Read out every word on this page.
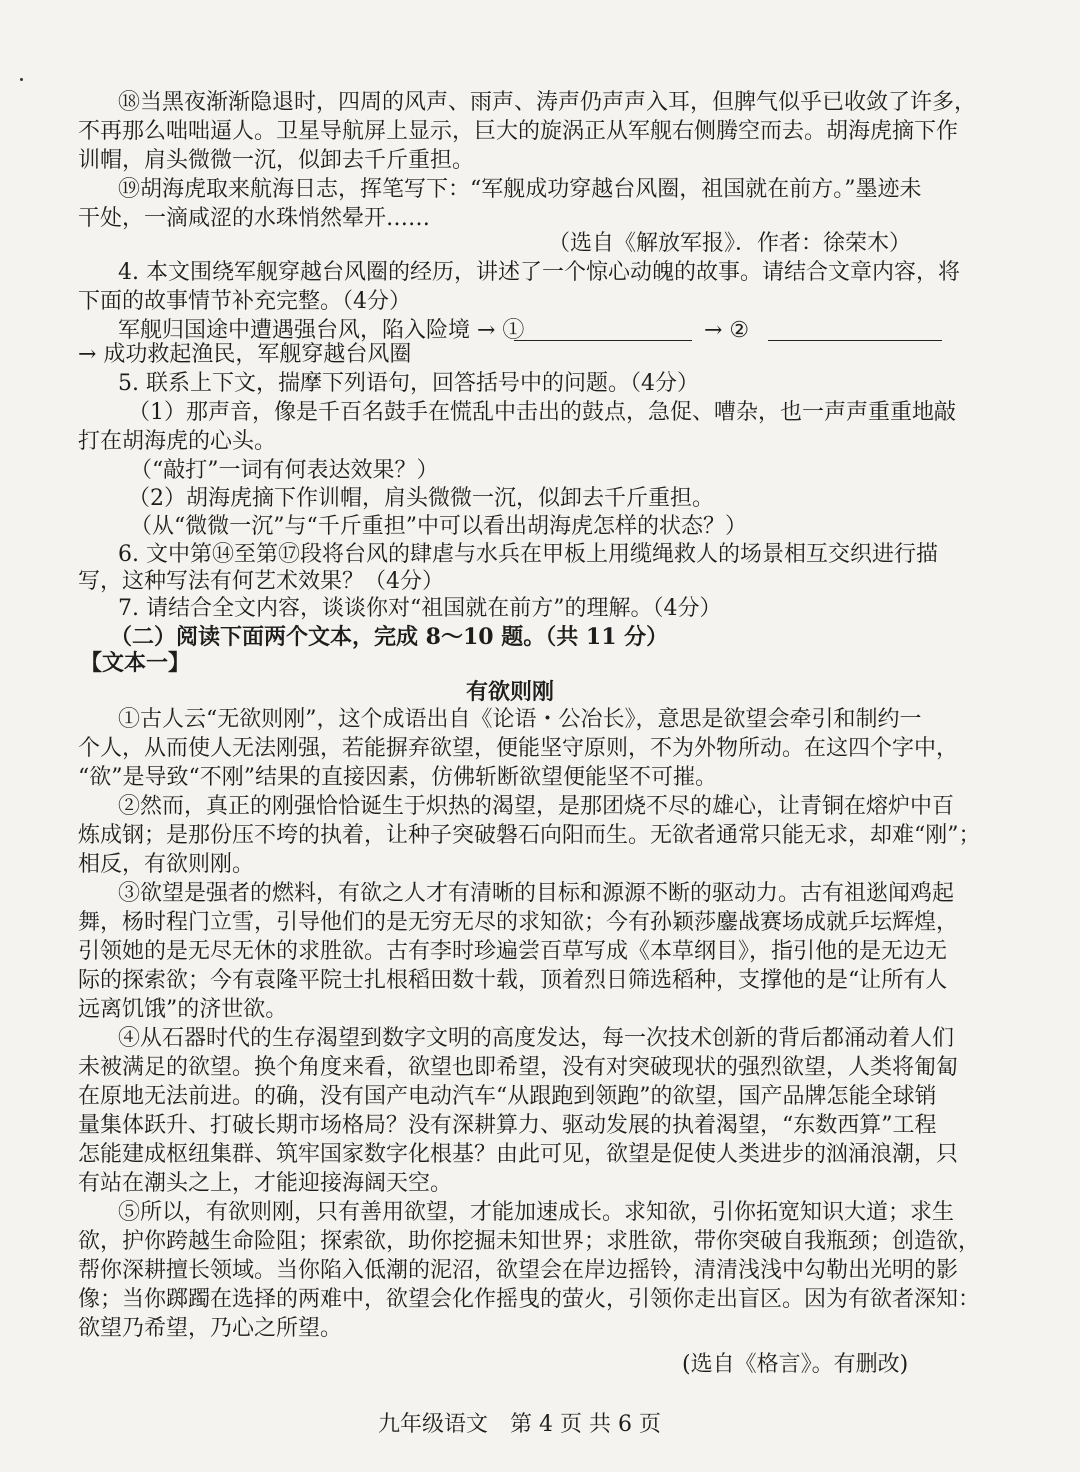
⑱当黑夜渐渐隐退时，四周的风声、雨声、涛声仍声声入耳，但脾气似乎已收敛了许多，
不再那么咄咄逼人。卫星导航屏上显示，巨大的旋涡正从军舰右侧腾空而去。胡海虎摘下作
训帽，肩头微微一沉，似卸去千斤重担。
⑲胡海虎取来航海日志，挥笔写下：“军舰成功穿越台风圈，祖国就在前方。”墨迹未
干处，一滴咸涩的水珠悄然晕开……
（选自《解放军报》．作者：徐荣木）
4. 本文围绕军舰穿越台风圈的经历，讲述了一个惊心动魄的故事。请结合文章内容，将
下面的故事情节补充完整。（4分）
军舰归国途中遭遇强台风，陷入险境 → ①	→ ②
→ 成功救起渔民，军舰穿越台风圈
5. 联系上下文，揣摩下列语句，回答括号中的问题。（4分）
（1）那声音，像是千百名鼓手在慌乱中击出的鼓点，急促、嘈杂，也一声声重重地敲
打在胡海虎的心头。
（“敲打”一词有何表达效果？）
（2）胡海虎摘下作训帽，肩头微微一沉，似卸去千斤重担。
（从“微微一沉”与“千斤重担”中可以看出胡海虎怎样的状态？）
6. 文中第⑭至第⑰段将台风的肆虐与水兵在甲板上用缆绳救人的场景相互交织进行描
写，这种写法有何艺术效果？（4分）
7. 请结合全文内容，谈谈你对“祖国就在前方”的理解。（4分）
（二）阅读下面两个文本，完成 8～10 题。（共 11 分）
【文本一】
有欲则刚
①古人云“无欲则刚”，这个成语出自《论语・公冶长》，意思是欲望会牵引和制约一
个人，从而使人无法刚强，若能摒弃欲望，便能坚守原则，不为外物所动。在这四个字中，
“欲”是导致“不刚”结果的直接因素，仿佛斩断欲望便能坚不可摧。
②然而，真正的刚强恰恰诞生于炽热的渴望，是那团烧不尽的雄心，让青铜在熔炉中百
炼成钢；是那份压不垮的执着，让种子突破磐石向阳而生。无欲者通常只能无求，却难“刚”；
相反，有欲则刚。
③欲望是强者的燃料，有欲之人才有清晰的目标和源源不断的驱动力。古有祖逖闻鸡起
舞，杨时程门立雪，引导他们的是无穷无尽的求知欲；今有孙颖莎鏖战赛场成就乒坛辉煌，
引领她的是无尽无休的求胜欲。古有李时珍遍尝百草写成《本草纲目》，指引他的是无边无
际的探索欲；今有袁隆平院士扎根稻田数十载，顶着烈日筛选稻种，支撑他的是“让所有人
远离饥饿”的济世欲。
④从石器时代的生存渴望到数字文明的高度发达，每一次技术创新的背后都涌动着人们
未被满足的欲望。换个角度来看，欲望也即希望，没有对突破现状的强烈欲望，人类将匍匐
在原地无法前进。的确，没有国产电动汽车“从跟跑到领跑”的欲望，国产品牌怎能全球销
量集体跃升、打破长期市场格局？没有深耕算力、驱动发展的执着渴望，“东数西算”工程
怎能建成枢纽集群、筑牢国家数字化根基？由此可见，欲望是促使人类进步的汹涌浪潮，只
有站在潮头之上，才能迎接海阔天空。
⑤所以，有欲则刚，只有善用欲望，才能加速成长。求知欲，引你拓宽知识大道；求生
欲，护你跨越生命险阻；探索欲，助你挖掘未知世界；求胜欲，带你突破自我瓶颈；创造欲，
帮你深耕擅长领域。当你陷入低潮的泥沼，欲望会在岸边摇铃，清清浅浅中勾勒出光明的影
像；当你踯躅在选择的两难中，欲望会化作摇曳的萤火，引领你走出盲区。因为有欲者深知：
欲望乃希望，乃心之所望。
(选自《格言》。有删改)
九年级语文　第 4 页 共 6 页
